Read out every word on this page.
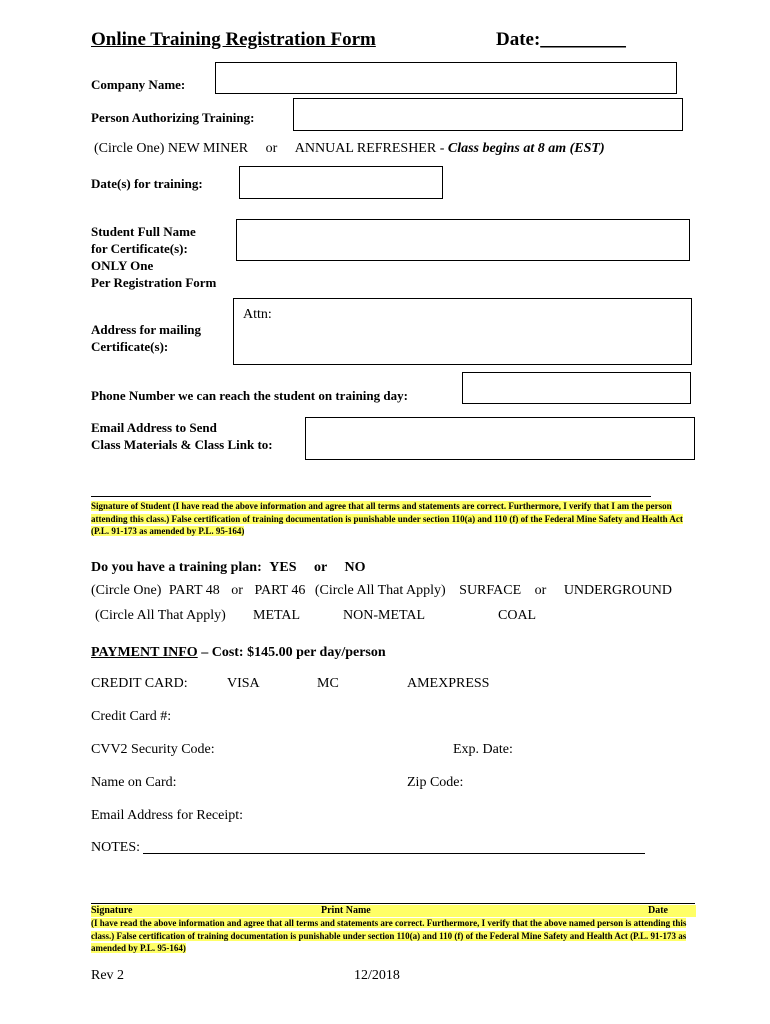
Online Training Registration Form	Date:_________
Company Name:
Person Authorizing Training:
(Circle One) NEW MINER or ANNUAL REFRESHER - Class begins at 8 am (EST)
Date(s) for training:
Student Full Name
for Certificate(s):
ONLY One
Per Registration Form
Address for mailing
Certificate(s):
Attn:
Phone Number we can reach the student on training day:
Email Address to Send
Class Materials & Class Link to:
Signature of Student (I have read the above information and agree that all terms and statements are correct. Furthermore, I verify that I am the person attending this class.) False certification of training documentation is punishable under section 110(a) and 110 (f) of the Federal Mine Safety and Health Act (P.L. 91-173 as amended by P.L. 95-164)
Do you have a training plan: YES or NO
(Circle One) PART 48 or PART 46 (Circle All That Apply) SURFACE or UNDERGROUND
(Circle All That Apply) METAL	NON-METAL	COAL
PAYMENT INFO – Cost: $145.00 per day/person
CREDIT CARD:	VISA	MC	AMEXPRESS
Credit Card #:
CVV2 Security Code:	Exp. Date:
Name on Card:	Zip Code:
Email Address for Receipt:
NOTES:
Signature	Print Name	Date
(I have read the above information and agree that all terms and statements are correct. Furthermore, I verify that the above named person is attending this class.) False certification of training documentation is punishable under section 110(a) and 110 (f) of the Federal Mine Safety and Health Act (P.L. 91-173 as amended by P.L. 95-164)
Rev 2	12/2018
